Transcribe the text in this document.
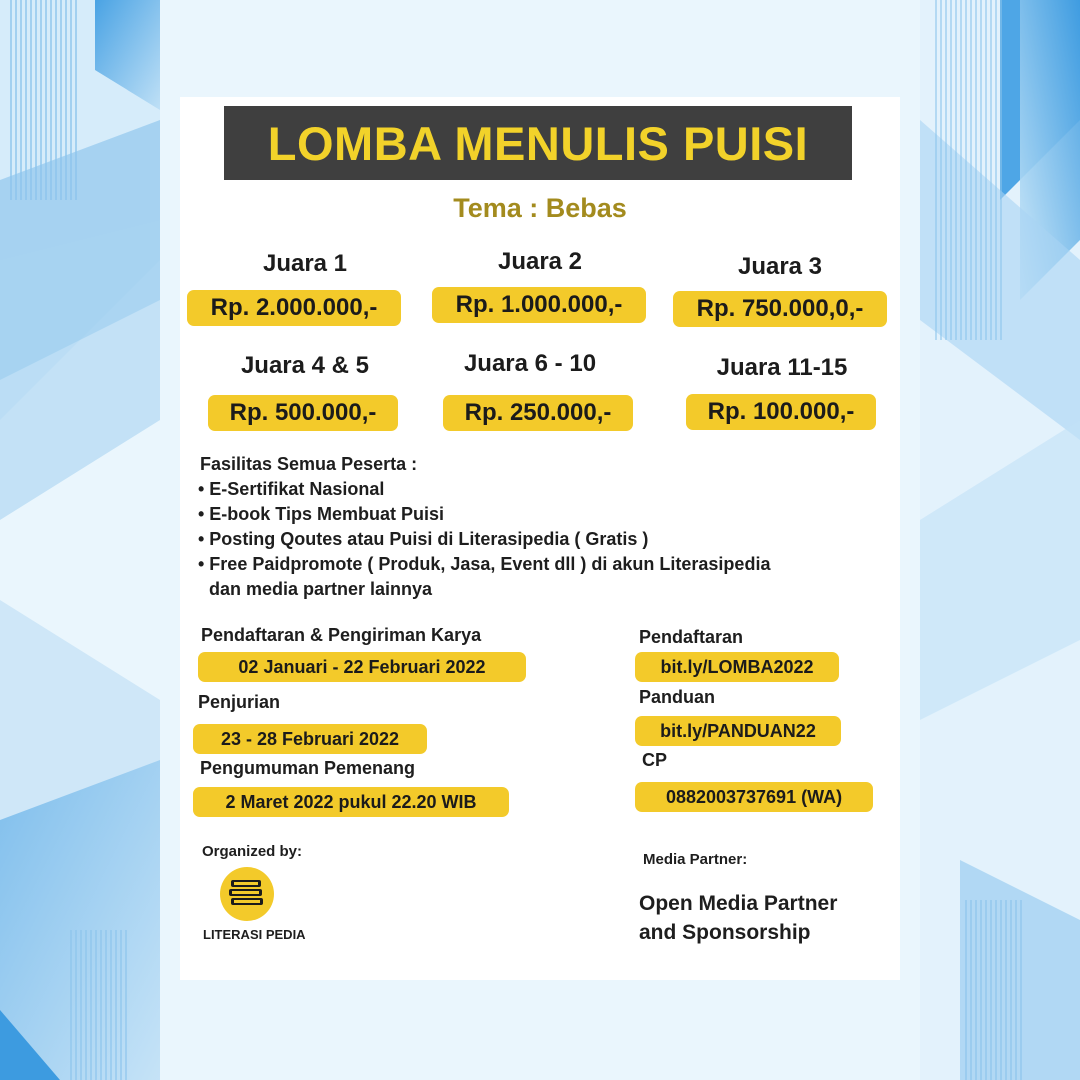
LOMBA MENULIS PUISI
Tema : Bebas
Juara 1
Rp. 2.000.000,-
Juara 2
Rp. 1.000.000,-
Juara 3
Rp. 750.000,0,-
Juara 4 & 5
Rp. 500.000,-
Juara 6 - 10
Rp. 250.000,-
Juara 11-15
Rp. 100.000,-
Fasilitas Semua Peserta :
• E-Sertifikat Nasional
• E-book Tips Membuat Puisi
• Posting Qoutes atau Puisi di Literasipedia ( Gratis )
• Free Paidpromote ( Produk, Jasa, Event dll ) di akun Literasipedia
dan media partner lainnya
Pendaftaran & Pengiriman Karya
02 Januari - 22 Februari 2022
Penjurian
23 - 28 Februari 2022
Pengumuman Pemenang
2 Maret 2022 pukul 22.20 WIB
Pendaftaran
bit.ly/LOMBA2022
Panduan
bit.ly/PANDUAN22
CP
0882003737691 (WA)
Organized by:
LITERASI PEDIA
Media Partner:
Open Media Partner
and Sponsorship
